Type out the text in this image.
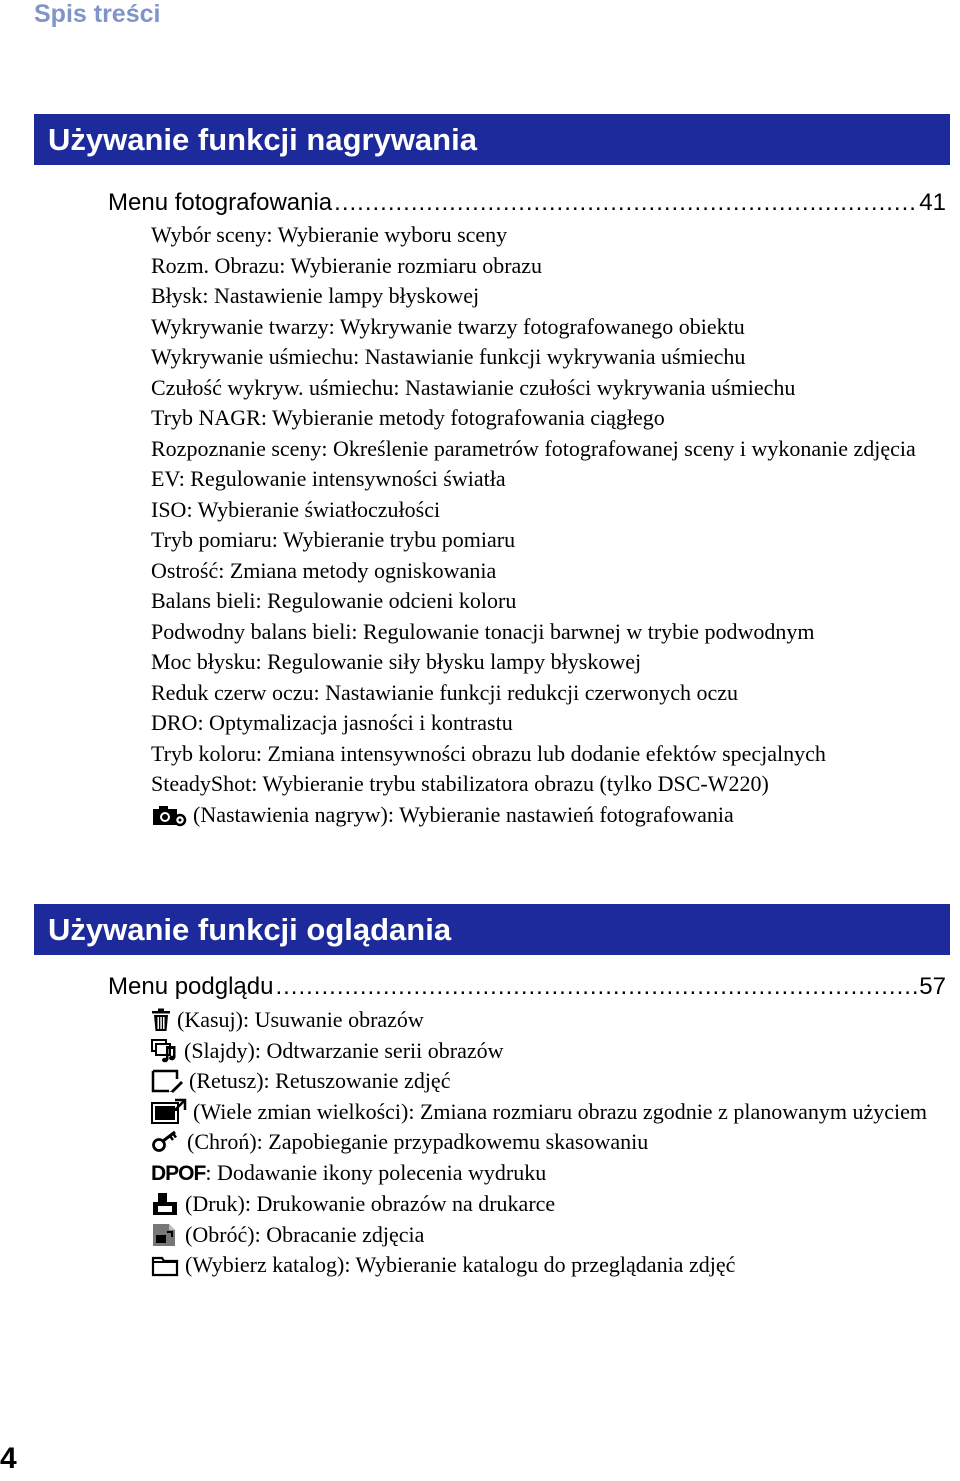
Spis treści
Używanie funkcji nagrywania
Menu fotografowania .....	41
Wybór sceny: Wybieranie wyboru sceny
Rozm. Obrazu: Wybieranie rozmiaru obrazu
Błysk: Nastawienie lampy błyskowej
Wykrywanie twarzy: Wykrywanie twarzy fotografowanego obiektu
Wykrywanie uśmiechu: Nastawianie funkcji wykrywania uśmiechu
Czułość wykryw. uśmiechu: Nastawianie czułości wykrywania uśmiechu
Tryb NAGR: Wybieranie metody fotografowania ciągłego
Rozpoznanie sceny: Określenie parametrów fotografowanej sceny i wykonanie zdjęcia
EV: Regulowanie intensywności światła
ISO: Wybieranie światłoczułości
Tryb pomiaru: Wybieranie trybu pomiaru
Ostrość: Zmiana metody ogniskowania
Balans bieli: Regulowanie odcieni koloru
Podwodny balans bieli: Regulowanie tonacji barwnej w trybie podwodnym
Moc błysku: Regulowanie siły błysku lampy błyskowej
Reduk czerw oczu: Nastawianie funkcji redukcji czerwonych oczu
DRO: Optymalizacja jasności i kontrastu
Tryb koloru: Zmiana intensywności obrazu lub dodanie efektów specjalnych
SteadyShot: Wybieranie trybu stabilizatora obrazu (tylko DSC-W220)
(Nastawienia nagryw): Wybieranie nastawień fotografowania
Używanie funkcji oglądania
Menu podglądu .....	57
(Kasuj): Usuwanie obrazów
(Slajdy): Odtwarzanie serii obrazów
(Retusz): Retuszowanie zdjęć
(Wiele zmian wielkości): Zmiana rozmiaru obrazu zgodnie z planowanym użyciem
(Chroń): Zapobieganie przypadkowemu skasowaniu
DPOF: Dodawanie ikony polecenia wydruku
(Druk): Drukowanie obrazów na drukarce
(Obróć): Obracanie zdjęcia
(Wybierz katalog): Wybieranie katalogu do przeglądania zdjęć
4
